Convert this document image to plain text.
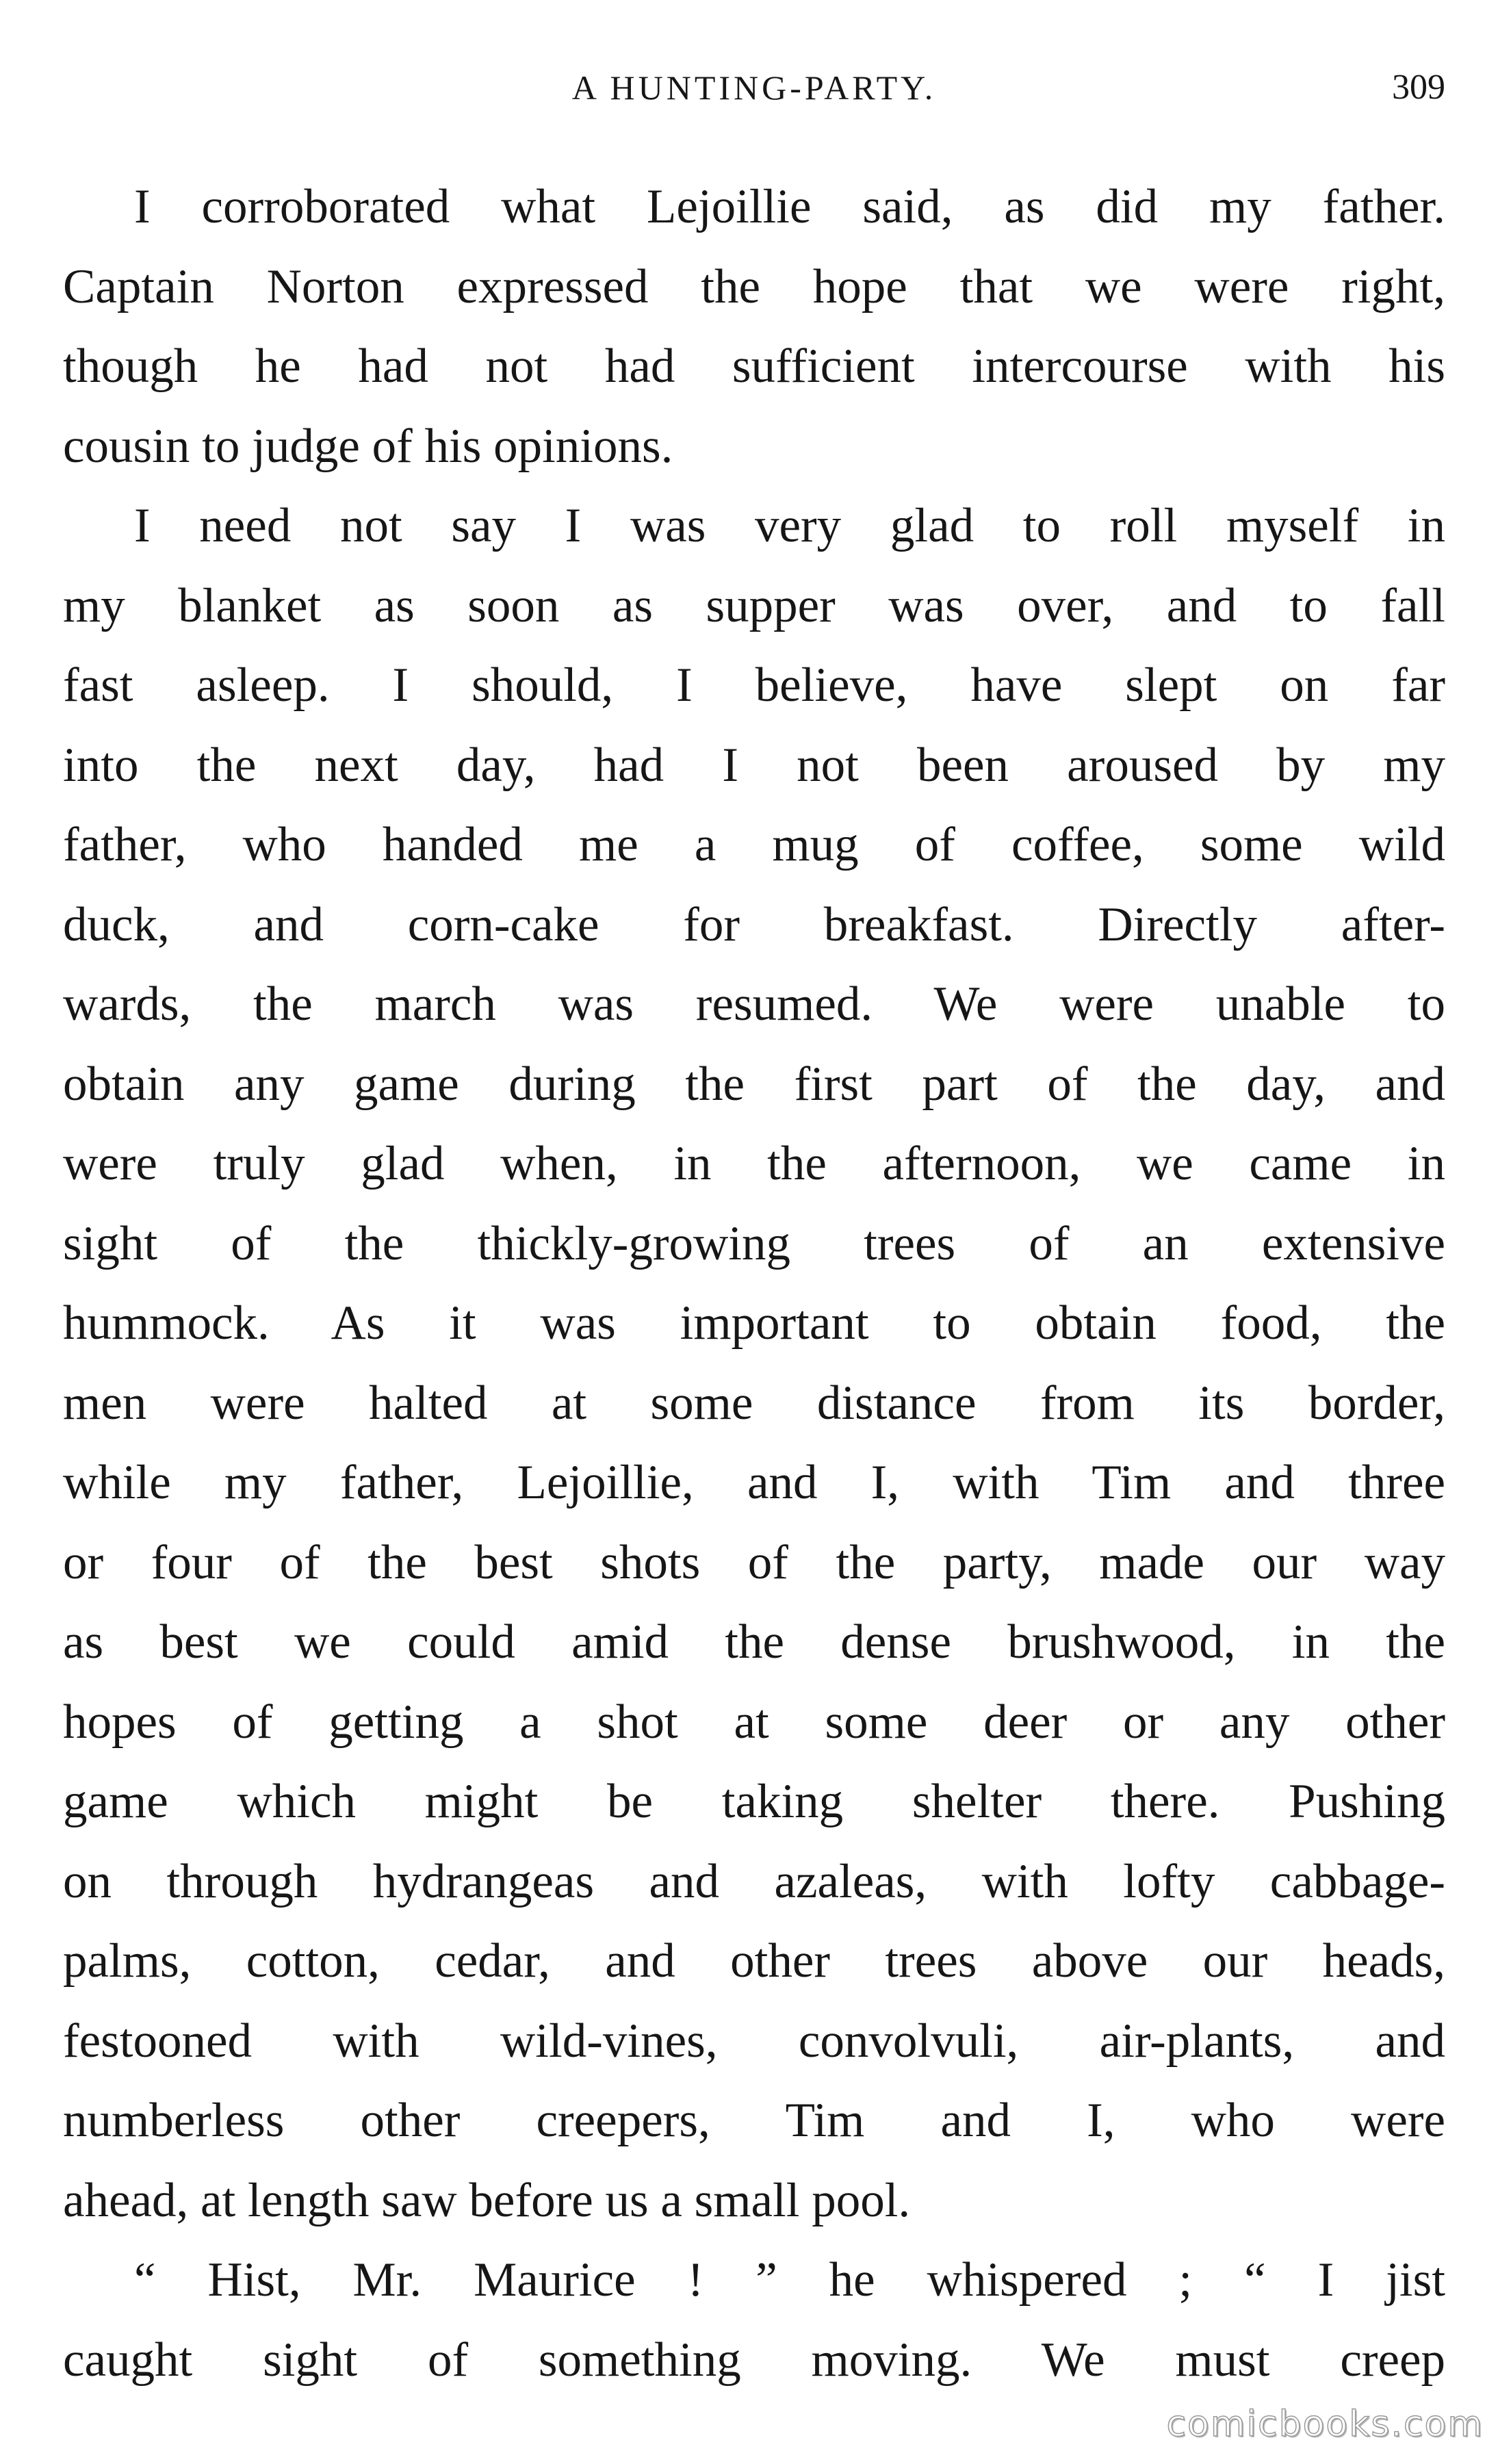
A HUNTING-PARTY.	309
I corroborated what Lejoillie said, as did my father.
Captain Norton expressed the hope that we were right,
though he had not had sufficient intercourse with his
cousin to judge of his opinions.
I need not say I was very glad to roll myself in
my blanket as soon as supper was over, and to fall
fast asleep. I should, I believe, have slept on far
into the next day, had I not been aroused by my
father, who handed me a mug of coffee, some wild
duck, and corn-cake for breakfast. Directly after-
wards, the march was resumed. We were unable to
obtain any game during the first part of the day, and
were truly glad when, in the afternoon, we came in
sight of the thickly-growing trees of an extensive
hummock. As it was important to obtain food, the
men were halted at some distance from its border,
while my father, Lejoillie, and I, with Tim and three
or four of the best shots of the party, made our way
as best we could amid the dense brushwood, in the
hopes of getting a shot at some deer or any other
game which might be taking shelter there. Pushing
on through hydrangeas and azaleas, with lofty cabbage-
palms, cotton, cedar, and other trees above our heads,
festooned with wild-vines, convolvuli, air-plants, and
numberless other creepers, Tim and I, who were
ahead, at length saw before us a small pool.
“ Hist, Mr. Maurice ! ” he whispered ; “ I jist
caught sight of something moving. We must creep
comicbooks.com
